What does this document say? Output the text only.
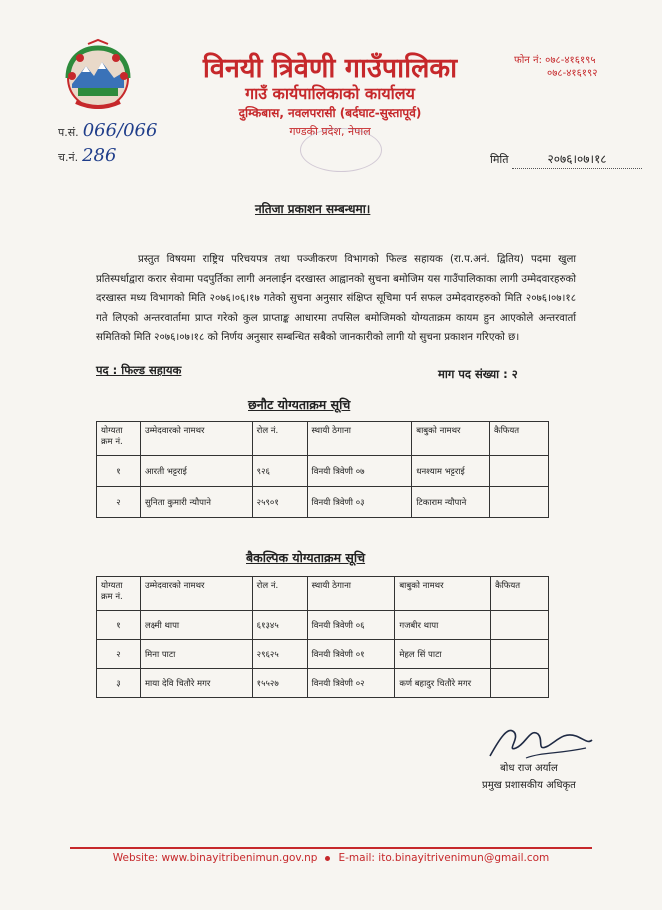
विनयी त्रिवेणी गाउँपालिका
गाउँ कार्यपालिकाको कार्यालय
दुम्किबास, नवलपरासी (बर्दघाट-सुस्तापूर्व)
गण्डकी प्रदेश, नेपाल
फोन नं: ०७८-४१६१९५
०७८-४१६१९२
प.सं. 066/066
च.नं. 286	मिति	२०७६।०७।१८
नतिजा प्रकाशन सम्बन्धमा।
प्रस्तुत विषयमा राष्ट्रिय परिचयपत्र तथा पञ्जीकरण विभागको फिल्ड सहायक (रा.प.अनं. द्वितिय) पदमा खुला प्रतिस्पर्धाद्वारा करार सेवामा पदपुर्तिका लागी अनलाईन दरखास्त आह्वानको सुचना बमोजिम यस गाउँपालिकाका लागी उम्मेदवारहरुको दरखास्त मध्य विभागको मिति २०७६।०६।१७ गतेको सुचना अनुसार संक्षिप्त सूचिमा पर्न सफल उम्मेदवारहरुको मिति २०७६।०७।१८ गते लिएको अन्तरवार्तामा प्राप्त गरेको कुल प्राप्ताङ्क आधारमा तपसिल बमोजिमको योग्यताक्रम कायम हुन आएकोले अन्तरवार्ता समितिको मिति २०७६।०७।१८ को निर्णय अनुसार सम्बन्धित सबैको जानकारीको लागी यो सुचना प्रकाशन गरिएको छ।
पद : फिल्ड सहायक	माग पद संख्या : २
छनौट योग्यताक्रम सूचि
योग्यता क्रम नं.	उम्मेदवारको नामथर	रोल नं.	स्थायी ठेगाना	बाबुको नामथर	कैफियत
१	आरती भट्टराई	९२६	विनयी त्रिवेणी ०७	धनश्याम भट्टराई	
२	सुनिता कुमारी न्यौपाने	२५९०१	विनयी त्रिवेणी ०३	टिकाराम न्यौपाने	
बैकल्पिक योग्यताक्रम सूचि
योग्यता क्रम नं.	उम्मेदवारको नामथर	रोल नं.	स्थायी ठेगाना	बाबुको नामथर	कैफियत
१	लक्ष्मी थापा	६१३४५	विनयी त्रिवेणी ०६	गजबीर थापा	
२	मिना पाटा	२९६२५	विनयी त्रिवेणी ०१	मेहल सिं पाटा	
३	माया देवि चितौरे मगर	१५५२७	विनयी त्रिवेणी ०२	कर्ण बहादुर चितौरे मगर	
बोध राज अर्याल
प्रमुख प्रशासकीय अधिकृत
Website: www.binayitribenimun.gov.np E-mail: ito.binayitrivenimun@gmail.com
